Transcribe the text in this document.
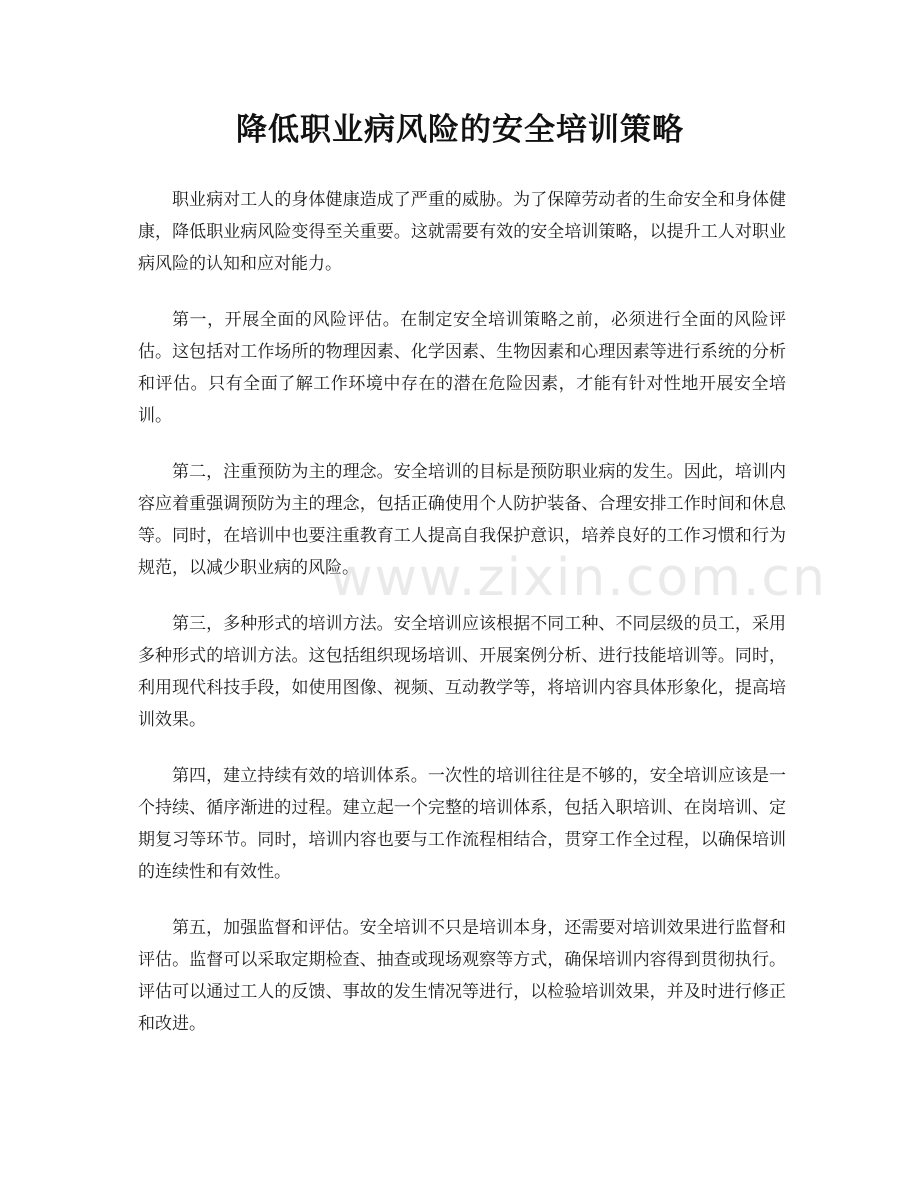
降低职业病风险的安全培训策略

职业病对工人的身体健康造成了严重的威胁。为了保障劳动者的生命安全和身体健康，降低职业病风险变得至关重要。这就需要有效的安全培训策略，以提升工人对职业病风险的认知和应对能力。

第一，开展全面的风险评估。在制定安全培训策略之前，必须进行全面的风险评估。这包括对工作场所的物理因素、化学因素、生物因素和心理因素等进行系统的分析和评估。只有全面了解工作环境中存在的潜在危险因素，才能有针对性地开展安全培训。

第二，注重预防为主的理念。安全培训的目标是预防职业病的发生。因此，培训内容应着重强调预防为主的理念，包括正确使用个人防护装备、合理安排工作时间和休息等。同时，在培训中也要注重教育工人提高自我保护意识，培养良好的工作习惯和行为规范，以减少职业病的风险。

第三，多种形式的培训方法。安全培训应该根据不同工种、不同层级的员工，采用多种形式的培训方法。这包括组织现场培训、开展案例分析、进行技能培训等。同时，利用现代科技手段，如使用图像、视频、互动教学等，将培训内容具体形象化，提高培训效果。

第四，建立持续有效的培训体系。一次性的培训往往是不够的，安全培训应该是一个持续、循序渐进的过程。建立起一个完整的培训体系，包括入职培训、在岗培训、定期复习等环节。同时，培训内容也要与工作流程相结合，贯穿工作全过程，以确保培训的连续性和有效性。

第五，加强监督和评估。安全培训不只是培训本身，还需要对培训效果进行监督和评估。监督可以采取定期检查、抽查或现场观察等方式，确保培训内容得到贯彻执行。评估可以通过工人的反馈、事故的发生情况等进行，以检验培训效果，并及时进行修正和改进。

www.zixin.com.cn
